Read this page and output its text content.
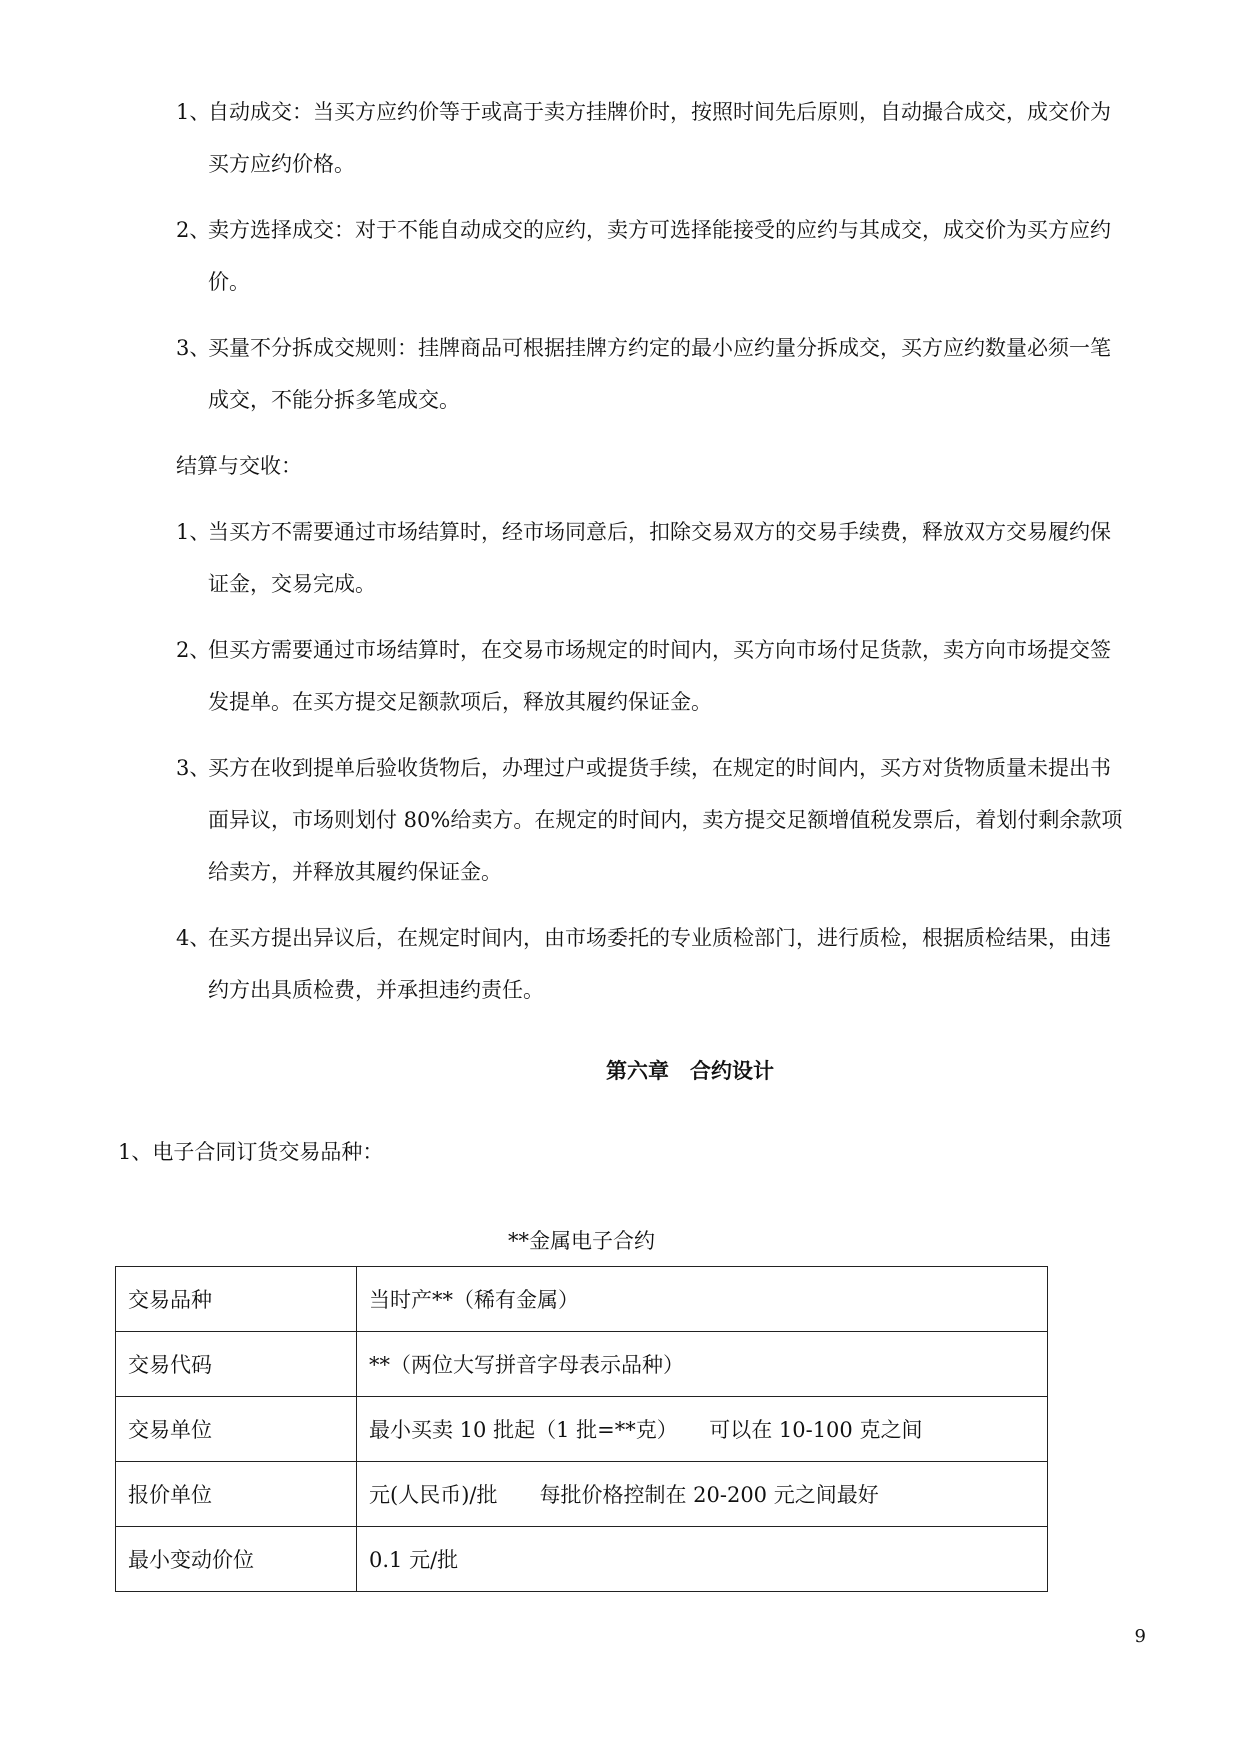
1、
自动成交：当买方应约价等于或高于卖方挂牌价时，按照时间先后原则，自动撮合成交，成交价为
买方应约价格。
2、
卖方选择成交：对于不能自动成交的应约，卖方可选择能接受的应约与其成交，成交价为买方应约
价。
3、
买量不分拆成交规则：挂牌商品可根据挂牌方约定的最小应约量分拆成交，买方应约数量必须一笔
成交，不能分拆多笔成交。
结算与交收：
1、
当买方不需要通过市场结算时，经市场同意后，扣除交易双方的交易手续费，释放双方交易履约保
证金，交易完成。
2、
但买方需要通过市场结算时，在交易市场规定的时间内，买方向市场付足货款，卖方向市场提交签
发提单。在买方提交足额款项后，释放其履约保证金。
3、
买方在收到提单后验收货物后，办理过户或提货手续，在规定的时间内，买方对货物质量未提出书
面异议，市场则划付 80%给卖方。在规定的时间内，卖方提交足额增值税发票后，着划付剩余款项
给卖方，并释放其履约保证金。
4、
在买方提出异议后，在规定时间内，由市场委托的专业质检部门，进行质检，根据质检结果，由违
约方出具质检费，并承担违约责任。
第六章　合约设计
1、电子合同订货交易品种：
**金属电子合约
交易品种	当时产**（稀有金属）
交易代码	**（两位大写拼音字母表示品种）
交易单位	最小买卖 10 批起（1 批=**克）　　可以在 10-100 克之间
报价单位	元(人民币)/批　　每批价格控制在 20-200 元之间最好
最小变动价位	0.1 元/批
9
